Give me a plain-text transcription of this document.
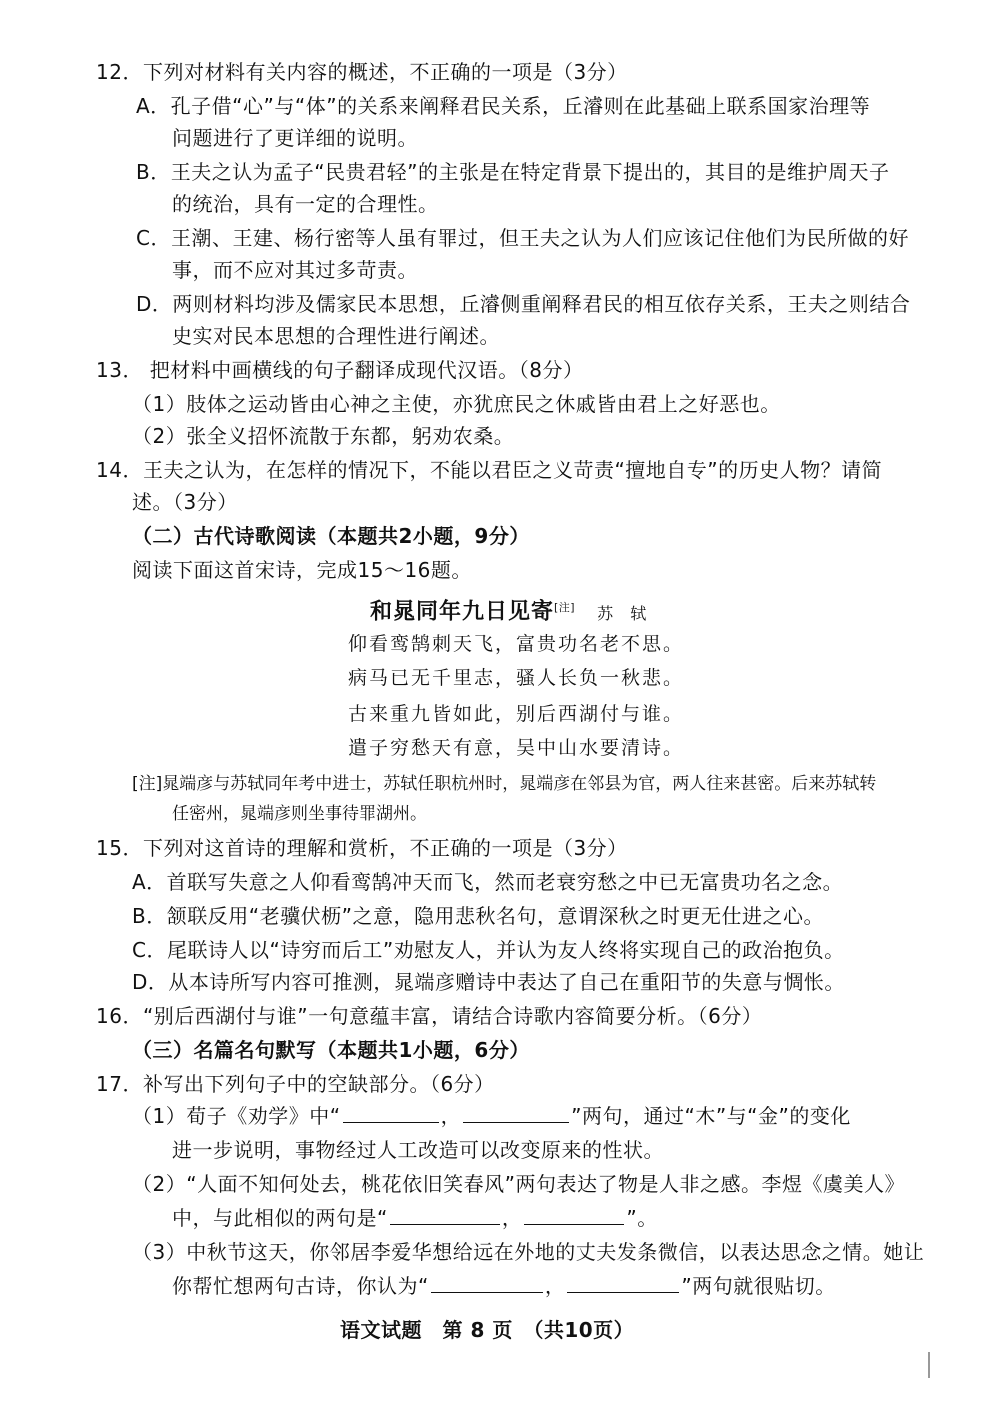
12．下列对材料有关内容的概述，不正确的一项是（3分）
A．孔子借“心”与“体”的关系来阐释君民关系，丘濬则在此基础上联系国家治理等
问题进行了更详细的说明。
B．王夫之认为孟子“民贵君轻”的主张是在特定背景下提出的，其目的是维护周天子
的统治，具有一定的合理性。
C．王潮、王建、杨行密等人虽有罪过，但王夫之认为人们应该记住他们为民所做的好
事，而不应对其过多苛责。
D．两则材料均涉及儒家民本思想，丘濬侧重阐释君民的相互依存关系，王夫之则结合
史实对民本思想的合理性进行阐述。
13． 把材料中画横线的句子翻译成现代汉语。（8分）
（1）肢体之运动皆由心神之主使，亦犹庶民之休戚皆由君上之好恶也。
（2）张全义招怀流散于东都，躬劝农桑。
14．王夫之认为，在怎样的情况下，不能以君臣之义苛责“擅地自专”的历史人物？请简
述。（3分）
（二）古代诗歌阅读（本题共2小题，9分）
阅读下面这首宋诗，完成15～16题。
和晁同年九日见寄[注] 苏 轼
仰看鸾鹄刺天飞，富贵功名老不思。
病马已无千里志，骚人长负一秋悲。
古来重九皆如此，别后西湖付与谁。
遣子穷愁天有意，吴中山水要清诗。
[注]晁端彦与苏轼同年考中进士，苏轼任职杭州时，晁端彦在邻县为官，两人往来甚密。后来苏轼转
任密州，晁端彦则坐事待罪湖州。
15．下列对这首诗的理解和赏析，不正确的一项是（3分）
A．首联写失意之人仰看鸾鹄冲天而飞，然而老衰穷愁之中已无富贵功名之念。
B．颔联反用“老骥伏枥”之意，隐用悲秋名句，意谓深秋之时更无仕进之心。
C．尾联诗人以“诗穷而后工”劝慰友人，并认为友人终将实现自己的政治抱负。
D．从本诗所写内容可推测，晁端彦赠诗中表达了自己在重阳节的失意与惆怅。
16．“别后西湖付与谁”一句意蕴丰富，请结合诗歌内容简要分析。（6分）
（三）名篇名句默写（本题共1小题，6分）
17．补写出下列句子中的空缺部分。（6分）
（1）荀子《劝学》中“	，	”两句，通过“木”与“金”的变化
进一步说明，事物经过人工改造可以改变原来的性状。
（2）“人面不知何处去，桃花依旧笑春风”两句表达了物是人非之感。李煜《虞美人》
中，与此相似的两句是“	，	”。
（3）中秋节这天，你邻居李爱华想给远在外地的丈夫发条微信，以表达思念之情。她让
你帮忙想两句古诗，你认为“	，	”两句就很贴切。
语文试题　第 8 页　（共10页）
